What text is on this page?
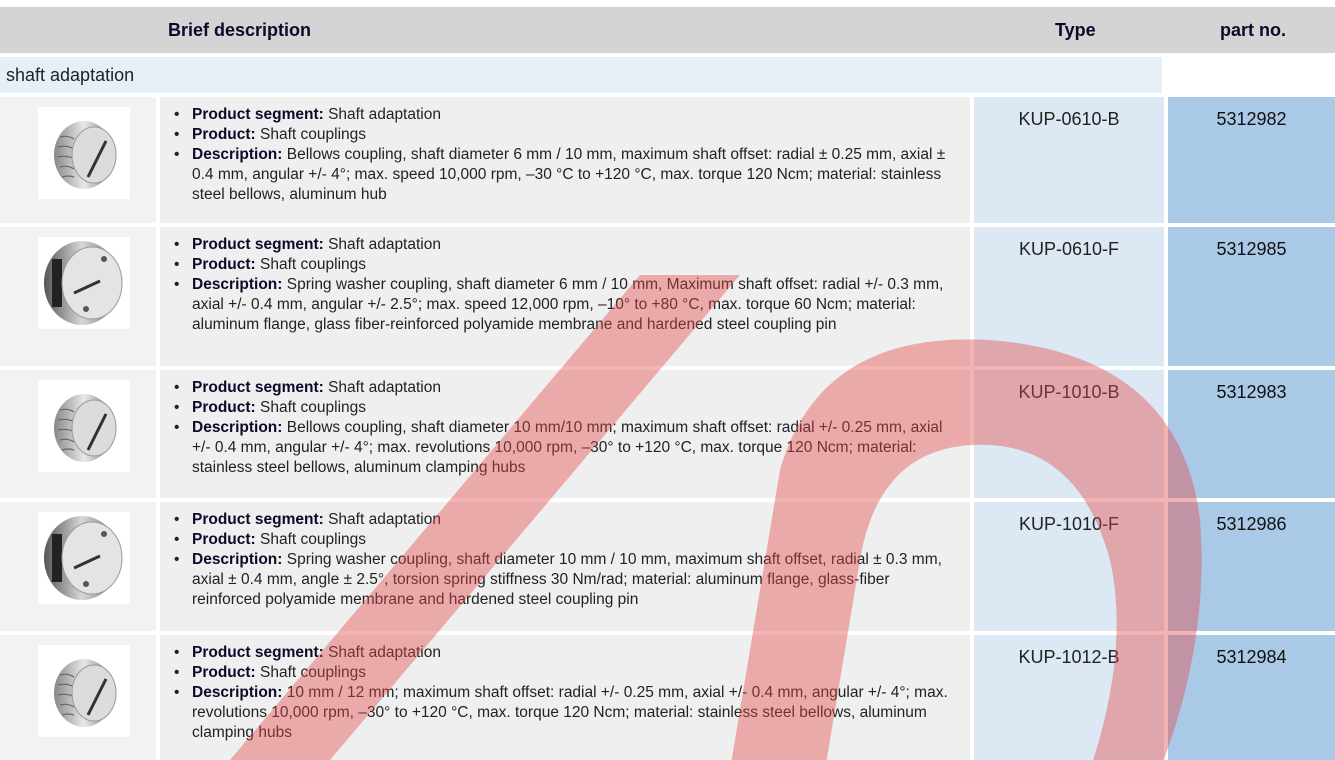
Brief description	Type	part no.
shaft adaptation
• Product segment: Shaft adaptation
• Product: Shaft couplings
• Description: Bellows coupling, shaft diameter 6 mm / 10 mm, maximum shaft offset: radial ± 0.25 mm, axial ± 0.4 mm, angular +/- 4°; max. speed 10,000 rpm, –30 °C to +120 °C, max. torque 120 Ncm; material: stainless steel bellows, aluminum hub
KUP-0610-B	5312982
• Product segment: Shaft adaptation
• Product: Shaft couplings
• Description: Spring washer coupling, shaft diameter 6 mm / 10 mm, Maximum shaft offset: radial +/- 0.3 mm, axial +/- 0.4 mm, angular +/- 2.5°; max. speed 12,000 rpm, –10° to +80 °C, max. torque 60 Ncm; material: aluminum flange, glass fiber-reinforced polyamide membrane and hardened steel coupling pin
KUP-0610-F	5312985
• Product segment: Shaft adaptation
• Product: Shaft couplings
• Description: Bellows coupling, shaft diameter 10 mm/10 mm; maximum shaft offset: radial +/- 0.25 mm, axial +/- 0.4 mm, angular +/- 4°; max. revolutions 10,000 rpm, –30° to +120 °C, max. torque 120 Ncm; material: stainless steel bellows, aluminum clamping hubs
KUP-1010-B	5312983
• Product segment: Shaft adaptation
• Product: Shaft couplings
• Description: Spring washer coupling, shaft diameter 10 mm / 10 mm, maximum shaft offset, radial ± 0.3 mm, axial ± 0.4 mm, angle ± 2.5°, torsion spring stiffness 30 Nm/rad; material: aluminum flange, glass-fiber reinforced polyamide membrane and hardened steel coupling pin
KUP-1010-F	5312986
• Product segment: Shaft adaptation
• Product: Shaft couplings
• Description: 10 mm / 12 mm; maximum shaft offset: radial +/- 0.25 mm, axial +/- 0.4 mm, angular +/- 4°; max. revolutions 10,000 rpm, –30° to +120 °C, max. torque 120 Ncm; material: stainless steel bellows, aluminum clamping hubs
KUP-1012-B	5312984
